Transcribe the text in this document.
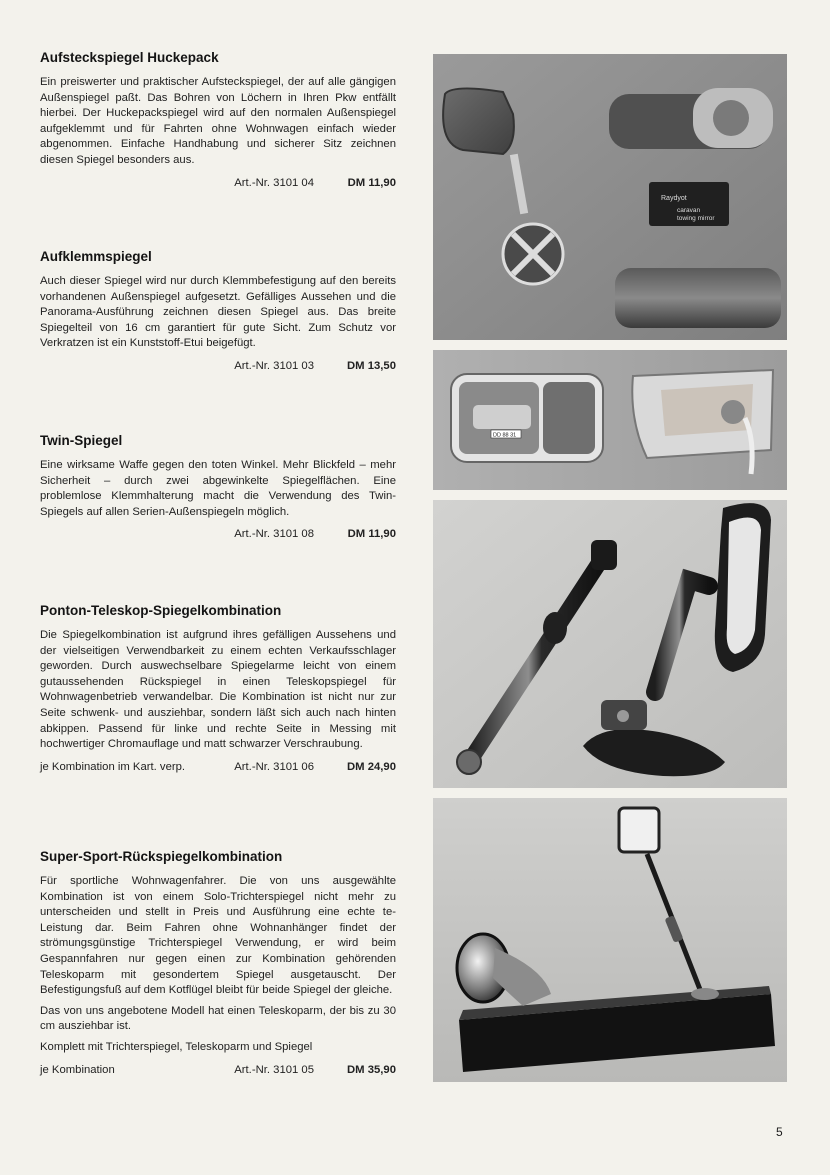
Aufsteckspiegel Huckepack

Ein preiswerter und praktischer Aufsteckspiegel, der auf alle gängigen Außenspiegel paßt. Das Bohren von Löchern in Ihren Pkw entfällt hierbei. Der Huckepackspiegel wird auf den normalen Außenspiegel aufgeklemmt und für Fahrten ohne Wohnwagen einfach wieder abgenommen. Einfache Handhabung und sicherer Sitz zeichnen diesen Spiegel besonders aus.

Art.-Nr. 3101 04	DM 11,90
Aufklemmspiegel

Auch dieser Spiegel wird nur durch Klemmbefestigung auf den bereits vorhandenen Außenspiegel aufgesetzt. Gefälliges Aussehen und die Panorama-Ausführung zeichnen diesen Spiegel aus. Das breite Spiegelteil von 16 cm garantiert für gute Sicht. Zum Schutz vor Verkratzen ist ein Kunststoff-Etui beigefügt.

Art.-Nr. 3101 03	DM 13,50
Twin-Spiegel

Eine wirksame Waffe gegen den toten Winkel. Mehr Blickfeld – mehr Sicherheit – durch zwei abgewinkelte Spiegelflächen. Eine problemlose Klemmhalterung macht die Verwendung des Twin-Spiegels auf allen Serien-Außenspiegeln möglich.

Art.-Nr. 3101 08	DM 11,90
Ponton-Teleskop-Spiegelkombination

Die Spiegelkombination ist aufgrund ihres gefälligen Aussehens und der vielseitigen Verwendbarkeit zu einem echten Verkaufsschlager geworden. Durch auswechselbare Spiegelarme leicht von einem gutaussehenden Rückspiegel in einen Teleskopspiegel für Wohnwagenbetrieb verwandelbar. Die Kombination ist nicht nur zur Seite schwenk- und ausziehbar, sondern läßt sich auch nach hinten abkippen. Passend für linke und rechte Seite in Messing mit hochwertiger Chromauflage und matt schwarzer Verschraubung.

je Kombination im Kart. verp.	Art.-Nr. 3101 06	DM 24,90
Super-Sport-Rückspiegelkombination

Für sportliche Wohnwagenfahrer. Die von uns ausgewählte Kombination ist von einem Solo-Trichterspiegel nicht mehr zu unterscheiden und stellt in Preis und Ausführung eine echte te-Leistung dar. Beim Fahren ohne Wohnanhänger findet der strömungsgünstige Trichterspiegel Verwendung, er wird beim Gespannfahren nur gegen einen zur Kombination gehörenden Teleskoparm mit gesondertem Spiegel ausgetauscht. Der Befestigungsfuß auf dem Kotflügel bleibt für beide Spiegel der gleiche.

Das von uns angebotene Modell hat einen Teleskoparm, der bis zu 30 cm ausziehbar ist.

Komplett mit Trichterspiegel, Teleskoparm und Spiegel

je Kombination	Art.-Nr. 3101 05	DM 35,90
Raydyot
caravan
towing mirror
DD 88 31
5
